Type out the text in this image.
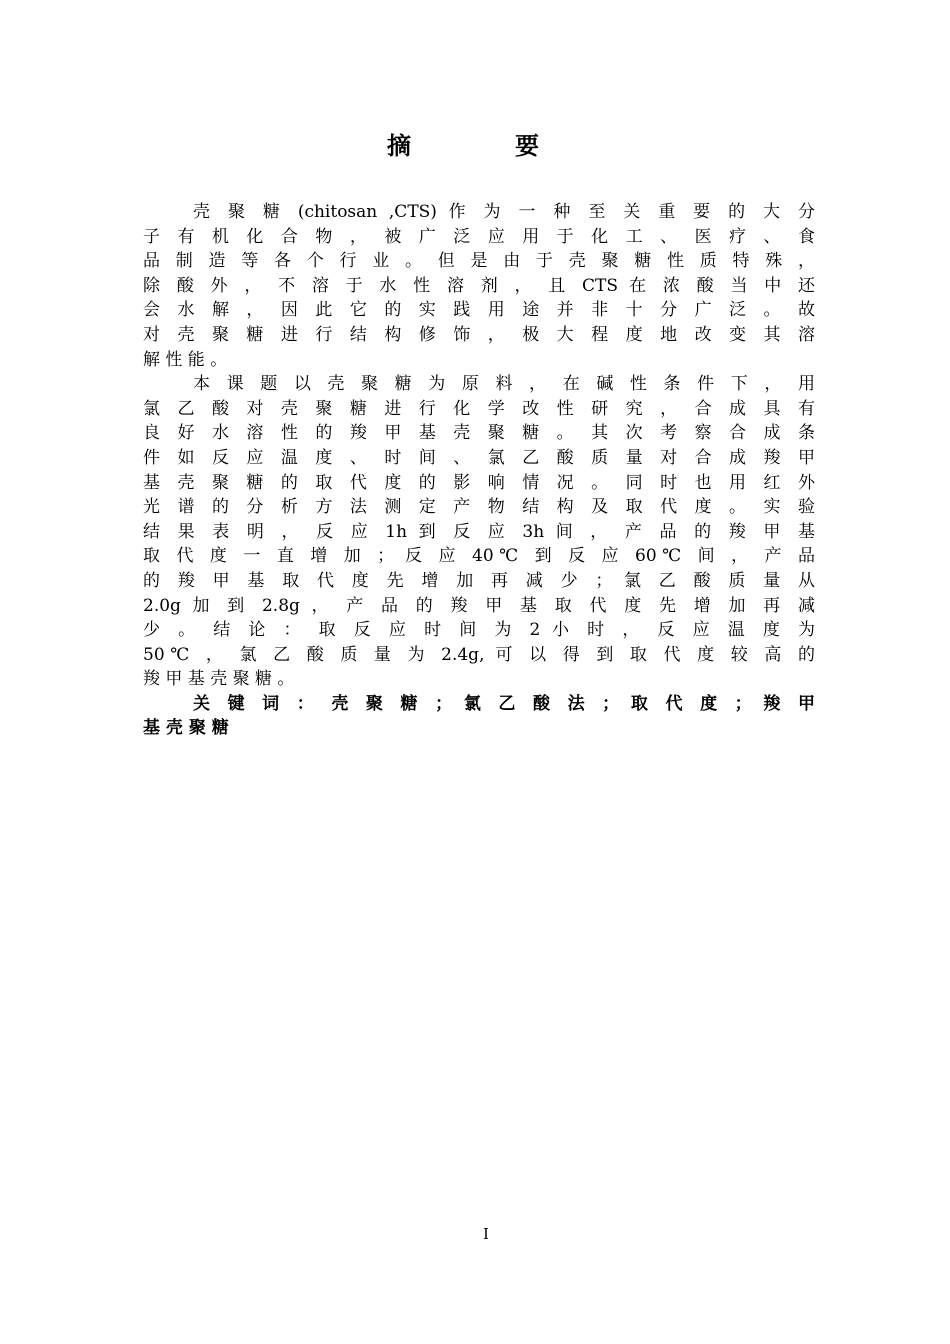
摘　要
壳 聚 糖 (chitosan ,CTS) 作 为 一 种 至 关 重 要 的 大 分
子 有 机 化 合 物 ， 被 广 泛 应 用 于 化 工 、 医 疗 、 食
品 制 造 等 各 个 行 业 。 但 是 由 于 壳 聚 糖 性 质 特 殊 ，
除 酸 外 ， 不 溶 于 水 性 溶 剂 ， 且 CTS 在 浓 酸 当 中 还
会 水 解 ， 因 此 它 的 实 践 用 途 并 非 十 分 广 泛 。 故
对 壳 聚 糖 进 行 结 构 修 饰 ， 极 大 程 度 地 改 变 其 溶
解 性 能 。
本 课 题 以 壳 聚 糖 为 原 料 ， 在 碱 性 条 件 下 ， 用
氯 乙 酸 对 壳 聚 糖 进 行 化 学 改 性 研 究 ， 合 成 具 有
良 好 水 溶 性 的 羧 甲 基 壳 聚 糖 。 其 次 考 察 合 成 条
件 如 反 应 温 度 、 时 间 、 氯 乙 酸 质 量 对 合 成 羧 甲
基 壳 聚 糖 的 取 代 度 的 影 响 情 况 。 同 时 也 用 红 外
光 谱 的 分 析 方 法 测 定 产 物 结 构 及 取 代 度 。 实 验
结 果 表 明 ， 反 应 1h 到 反 应 3h 间 ， 产 品 的 羧 甲 基
取 代 度 一 直 增 加 ； 反 应 40℃ 到 反 应 60℃ 间 ， 产 品
的 羧 甲 基 取 代 度 先 增 加 再 减 少 ； 氯 乙 酸 质 量 从
2.0g 加 到 2.8g ， 产 品 的 羧 甲 基 取 代 度 先 增 加 再 减
少 。 结 论 ： 取 反 应 时 间 为 2 小 时 ， 反 应 温 度 为
50℃ ， 氯 乙 酸 质 量 为 2.4g, 可 以 得 到 取 代 度 较 高 的
羧 甲 基 壳 聚 糖 。
关 键 词 ： 壳 聚 糖 ； 氯 乙 酸 法 ； 取 代 度 ； 羧 甲
基 壳 聚 糖
I
